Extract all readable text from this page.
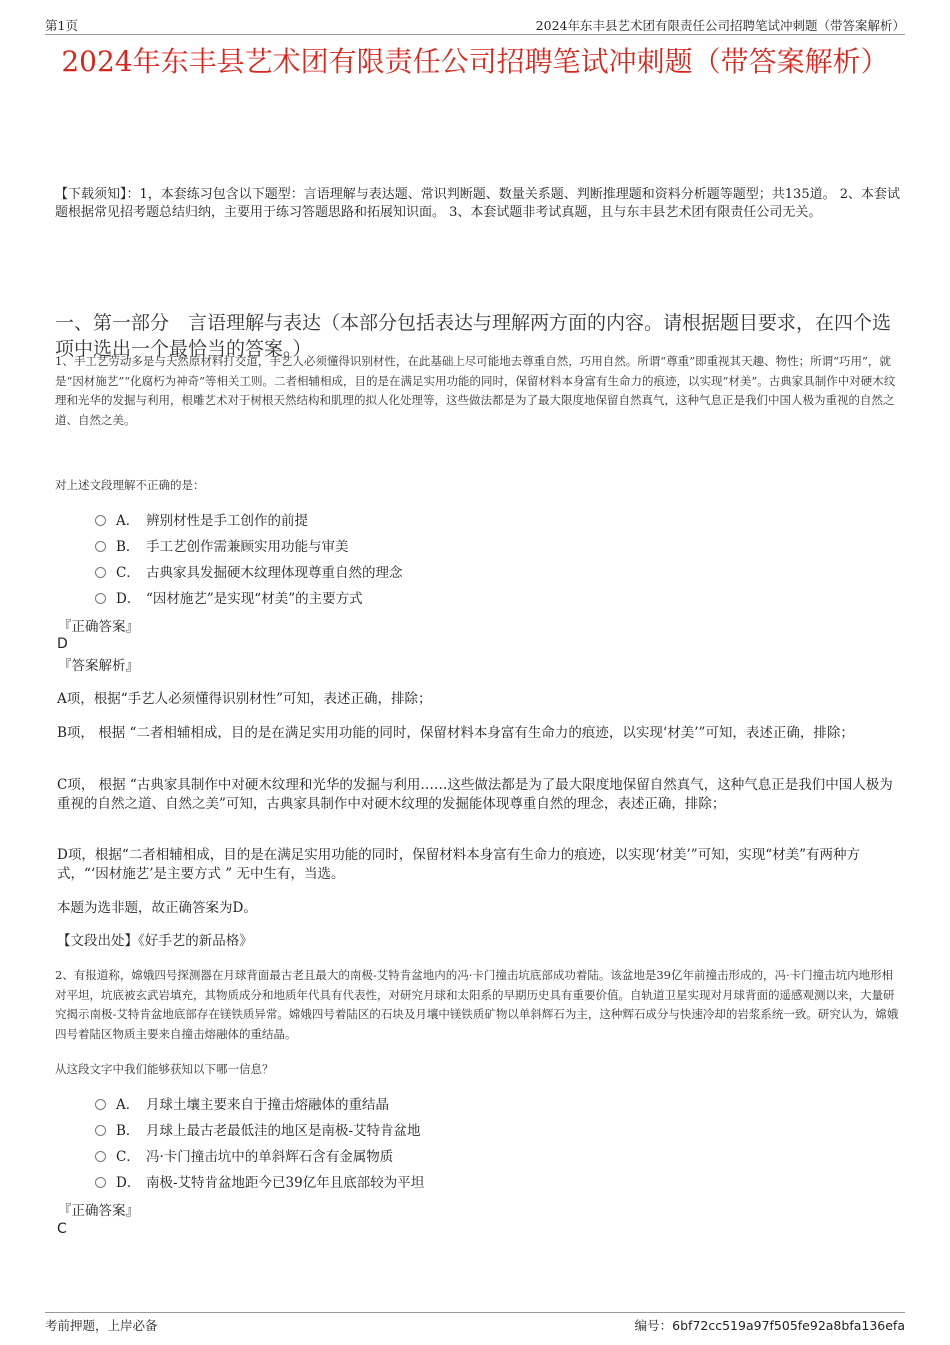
第1页	2024年东丰县艺术团有限责任公司招聘笔试冲刺题（带答案解析）
2024年东丰县艺术团有限责任公司招聘笔试冲刺题（带答案解析）
【下载须知】：1，本套练习包含以下题型：言语理解与表达题、常识判断题、数量关系题、判断推理题和资料分析题等题型；共135道。 2、本套试题根据常见招考题总结归纳，主要用于练习答题思路和拓展知识面。 3、本套试题非考试真题，且与东丰县艺术团有限责任公司无关。
一、第一部分　言语理解与表达（本部分包括表达与理解两方面的内容。请根据题目要求，在四个选项中选出一个最恰当的答案。）
1、手工艺劳动多是与天然原材料打交道，手艺人必须懂得识别材性，在此基础上尽可能地去尊重自然，巧用自然。所谓“尊重”即重视其天趣、物性；所谓“巧用”，就是“因材施艺”“化腐朽为神奇”等相关工则。二者相辅相成，目的是在满足实用功能的同时，保留材料本身富有生命力的痕迹，以实现“材美”。古典家具制作中对硬木纹理和光华的发掘与利用，根雕艺术对于树根天然结构和肌理的拟人化处理等，这些做法都是为了最大限度地保留自然真气，这种气息正是我们中国人极为重视的自然之道、自然之美。
对上述文段理解不正确的是：
A． 辨别材性是手工创作的前提
B． 手工艺创作需兼顾实用功能与审美
C． 古典家具发掘硬木纹理体现尊重自然的理念
D． “因材施艺”是实现“材美”的主要方式
『正确答案』
D
『答案解析』
A项，根据“手艺人必须懂得识别材性”可知，表述正确，排除；
B项， 根据 “二者相辅相成，目的是在满足实用功能的同时，保留材料本身富有生命力的痕迹，以实现‘材美’”可知，表述正确，排除；
C项， 根据 “古典家具制作中对硬木纹理和光华的发掘与利用……这些做法都是为了最大限度地保留自然真气，这种气息正是我们中国人极为重视的自然之道、自然之美”可知，古典家具制作中对硬木纹理的发掘能体现尊重自然的理念，表述正确，排除；
D项，根据“二者相辅相成，目的是在满足实用功能的同时，保留材料本身富有生命力的痕迹，以实现‘材美’”可知，实现“材美”有两种方式，“‘因材施艺’是主要方式 ” 无中生有，当选。
本题为选非题，故正确答案为D。
【文段出处】《好手艺的新品格》
2、有报道称，嫦娥四号探测器在月球背面最古老且最大的南极-艾特肯盆地内的冯·卡门撞击坑底部成功着陆。该盆地是39亿年前撞击形成的，冯·卡门撞击坑内地形相对平坦，坑底被玄武岩填充，其物质成分和地质年代具有代表性，对研究月球和太阳系的早期历史具有重要价值。自轨道卫星实现对月球背面的遥感观测以来，大量研究揭示南极-艾特肯盆地底部存在镁铁质异常。嫦娥四号着陆区的石块及月壤中镁铁质矿物以单斜辉石为主，这种辉石成分与快速冷却的岩浆系统一致。研究认为，嫦娥四号着陆区物质主要来自撞击熔融体的重结晶。
从这段文字中我们能够获知以下哪一信息？
A． 月球土壤主要来自于撞击熔融体的重结晶
B． 月球上最古老最低洼的地区是南极-艾特肯盆地
C． 冯·卡门撞击坑中的单斜辉石含有金属物质
D． 南极-艾特肯盆地距今已39亿年且底部较为平坦
『正确答案』
C
考前押题，上岸必备	编号：6bf72cc519a97f505fe92a8bfa136efa
